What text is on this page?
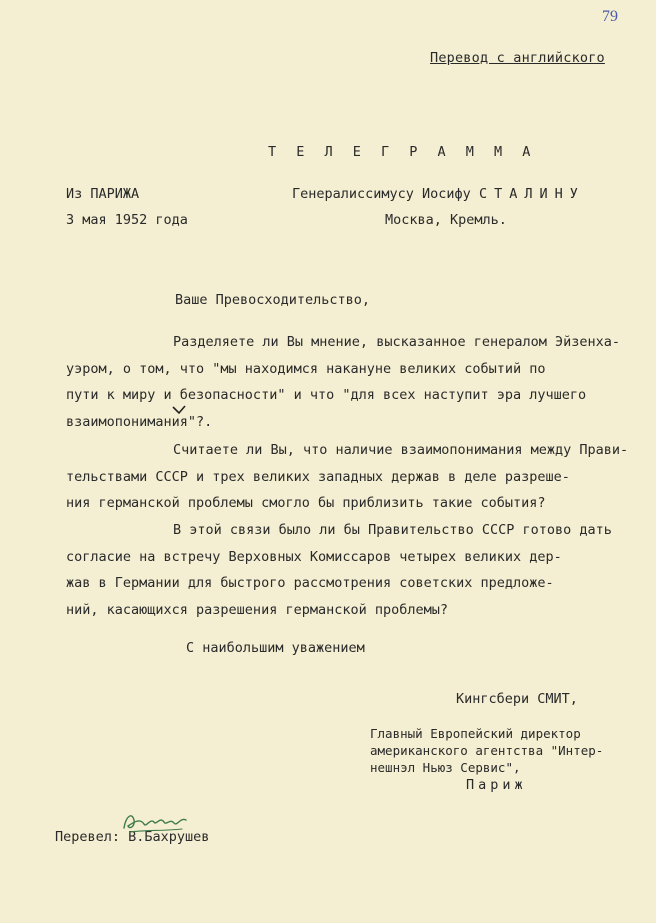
79
Перевод с английского
Т Е Л Е Г Р А М М А
Из ПАРИЖА
3 мая 1952 года
Генералиссимусу Иосифу СТАЛИНУ
Москва, Кремль.
Ваше Превосходительство,
Разделяете ли Вы мнение, высказанное генералом Эйзенха-
уэром, о том, что "мы находимся накануне великих событий по
пути к миру и безопасности" и что "для всех наступит эра лучшего
взаимопонимания"?.
Считаете ли Вы, что наличие взаимопонимания между Прави-
тельствами СССР и трех великих западных держав в деле разреше-
ния германской проблемы смогло бы приблизить такие события?
В этой связи было ли бы Правительство СССР готово дать
согласие на встречу Верховных Комиссаров четырех великих дер-
жав в Германии для быстрого рассмотрения советских предложе-
ний, касающихся разрешения германской проблемы?
С наибольшим уважением
Кингсбери СМИТ,
Главный Европейский директор
американского агентства "Интер-
нешнэл Ньюз Сервис",
Париж
Перевел: В.Бахрушев
